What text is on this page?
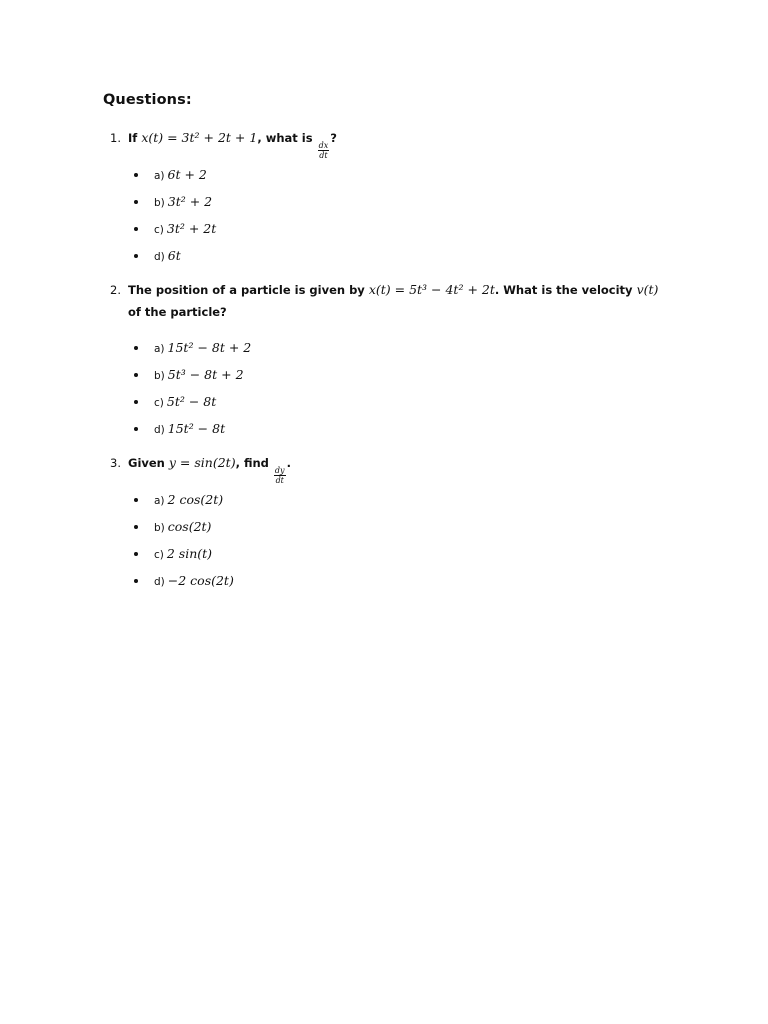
Questions:
1. If x(t) = 3t² + 2t + 1, what is
$\frac{dx}{dt}$
?
a) 6t + 2
b) 3t² + 2
c) 3t² + 2t
d) 6t
2. The position of a particle is given by x(t) = 5t³ − 4t² + 2t. What is the velocity v(t) of the particle?
a) 15t² − 8t + 2
b) 5t³ − 8t + 2
c) 5t² − 8t
d) 15t² − 8t
3. Given y = sin(2t), find
$\frac{dy}{dt}$
.
a) 2 cos(2t)
b) cos(2t)
c) 2 sin(t)
d) −2 cos(2t)
